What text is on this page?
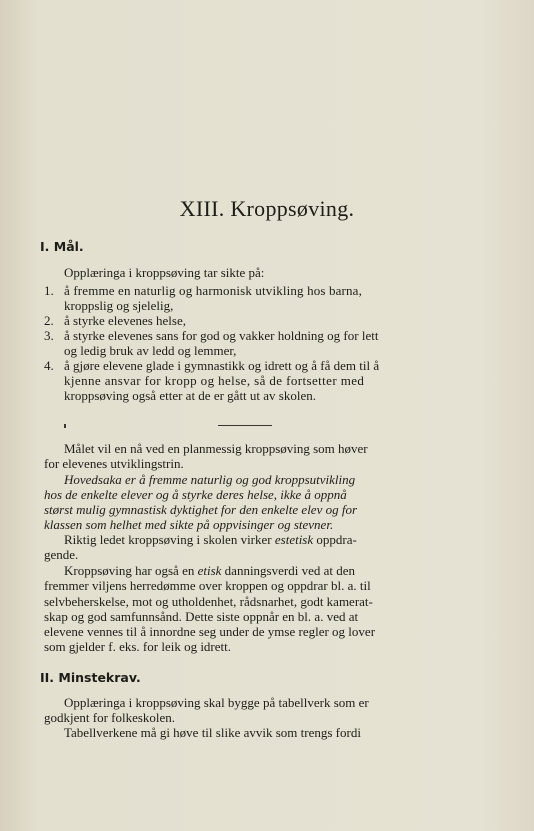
XIII. Kroppsøving.
I. Mål.
Opplæringa i kroppsøving tar sikte på:
1. å fremme en naturlig og harmonisk utvikling hos barna,
kroppslig og sjelelig,
2. å styrke elevenes helse,
3. å styrke elevenes sans for god og vakker holdning og for lett
og ledig bruk av ledd og lemmer,
4. å gjøre elevene glade i gymnastikk og idrett og å få dem til å
kjenne ansvar for kropp og helse, så de fortsetter med
kroppsøving også etter at de er gått ut av skolen.
Målet vil en nå ved en planmessig kroppsøving som høver
for elevenes utviklingstrin.
Hovedsaka er å fremme naturlig og god kroppsutvikling
hos de enkelte elever og å styrke deres helse, ikke å oppnå
størst mulig gymnastisk dyktighet for den enkelte elev og for
klassen som helhet med sikte på oppvisinger og stevner.
Riktig ledet kroppsøving i skolen virker estetisk oppdra-
gende.
Kroppsøving har også en etisk danningsverdi ved at den
fremmer viljens herredømme over kroppen og oppdrar bl. a. til
selvbeherskelse, mot og utholdenhet, rådsnarhet, godt kamerat-
skap og god samfunnsånd. Dette siste oppnår en bl. a. ved at
elevene vennes til å innordne seg under de ymse regler og lover
som gjelder f. eks. for leik og idrett.
II. Minstekrav.
Opplæringa i kroppsøving skal bygge på tabellverk som er
godkjent for folkeskolen.
Tabellverkene må gi høve til slike avvik som trengs fordi
